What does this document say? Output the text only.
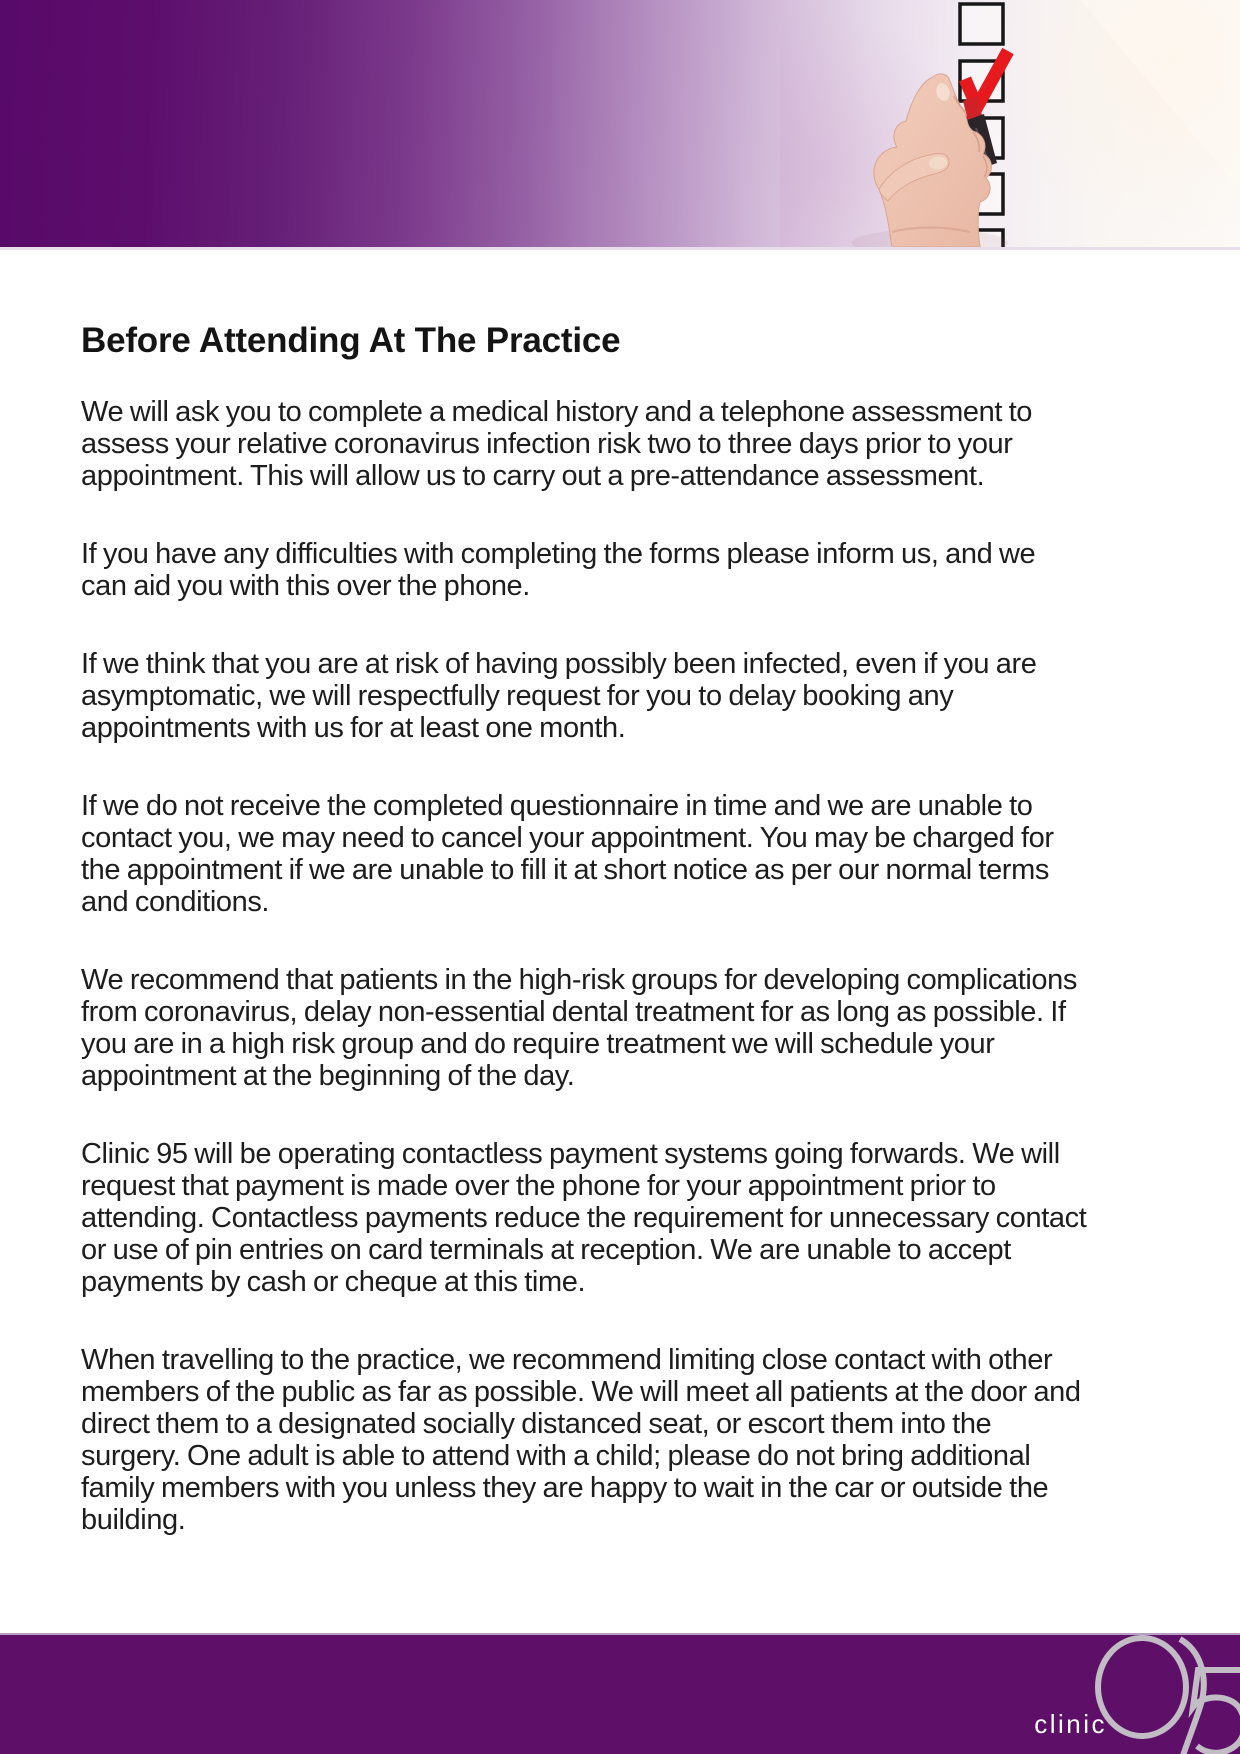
Before Attending At The Practice
We will ask you to complete a medical history and a telephone assessment to
assess your relative coronavirus infection risk two to three days prior to your
appointment. This will allow us to carry out a pre-attendance assessment.
If you have any difficulties with completing the forms please inform us, and we
can aid you with this over the phone.
If we think that you are at risk of having possibly been infected, even if you are
asymptomatic, we will respectfully request for you to delay booking any
appointments with us for at least one month.
If we do not receive the completed questionnaire in time and we are unable to
contact you, we may need to cancel your appointment. You may be charged for
the appointment if we are unable to fill it at short notice as per our normal terms
and conditions.
We recommend that patients in the high-risk groups for developing complications
from coronavirus, delay non-essential dental treatment for as long as possible. If
you are in a high risk group and do require treatment we will schedule your
appointment at the beginning of the day.
Clinic 95 will be operating contactless payment systems going forwards. We will
request that payment is made over the phone for your appointment prior to
attending. Contactless payments reduce the requirement for unnecessary contact
or use of pin entries on card terminals at reception. We are unable to accept
payments by cash or cheque at this time.
When travelling to the practice, we recommend limiting close contact with other
members of the public as far as possible. We will meet all patients at the door and
direct them to a designated socially distanced seat, or escort them into the
surgery. One adult is able to attend with a child; please do not bring additional
family members with you unless they are happy to wait in the car or outside the
building.
clinic
